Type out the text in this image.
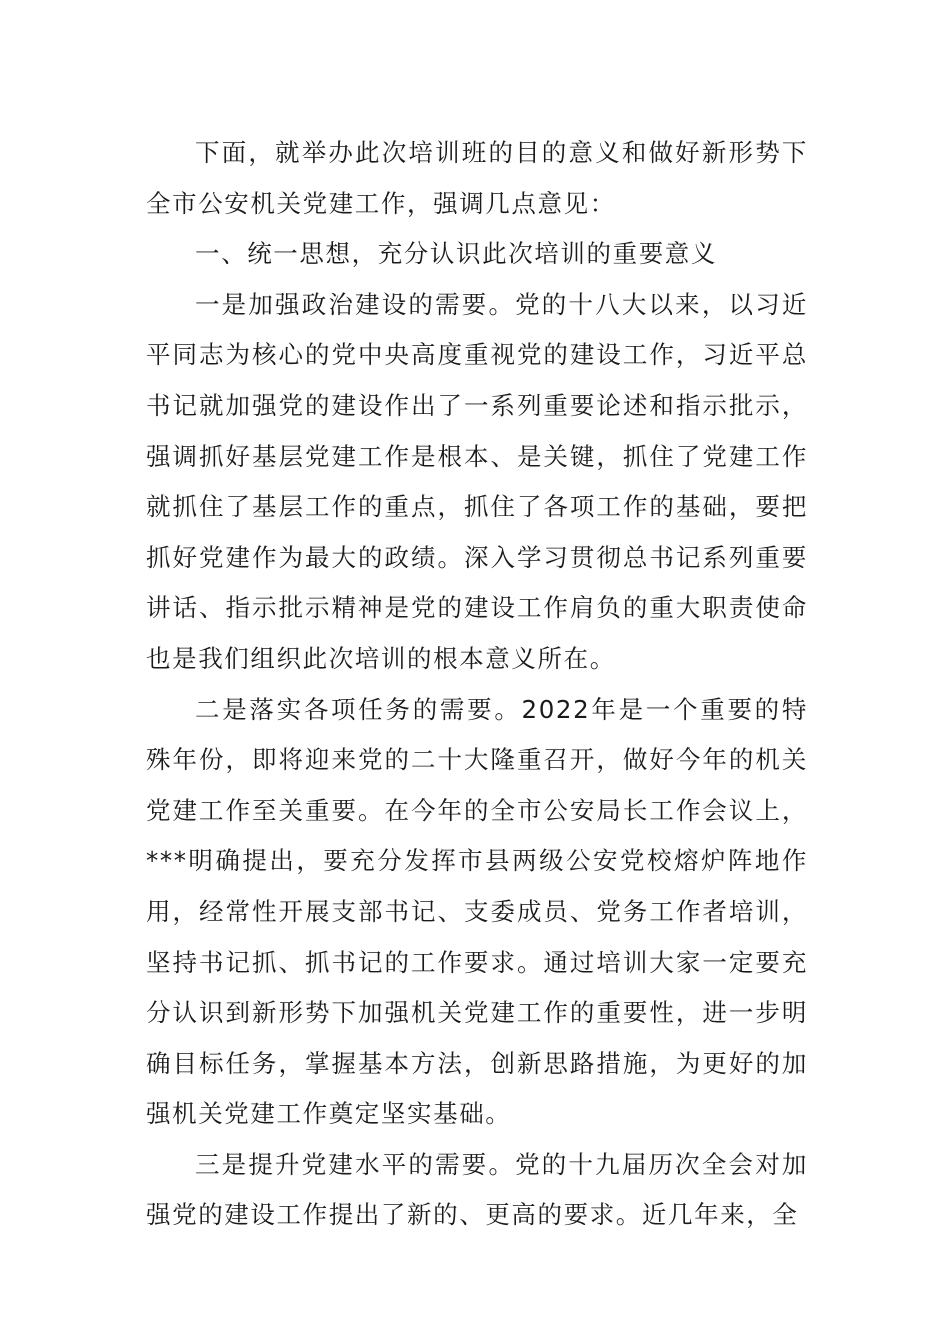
下面，就举办此次培训班的目的意义和做好新形势下全市公安机关党建工作，强调几点意见：

一、统一思想，充分认识此次培训的重要意义

一是加强政治建设的需要。党的十八大以来，以习近平同志为核心的党中央高度重视党的建设工作，习近平总书记就加强党的建设作出了一系列重要论述和指示批示，强调抓好基层党建工作是根本、是关键，抓住了党建工作就抓住了基层工作的重点，抓住了各项工作的基础，要把抓好党建作为最大的政绩。深入学习贯彻总书记系列重要讲话、指示批示精神是党的建设工作肩负的重大职责使命也是我们组织此次培训的根本意义所在。

二是落实各项任务的需要。2022年是一个重要的特殊年份，即将迎来党的二十大隆重召开，做好今年的机关党建工作至关重要。在今年的全市公安局长工作会议上，***明确提出，要充分发挥市县两级公安党校熔炉阵地作用，经常性开展支部书记、支委成员、党务工作者培训，坚持书记抓、抓书记的工作要求。通过培训大家一定要充分认识到新形势下加强机关党建工作的重要性，进一步明确目标任务，掌握基本方法，创新思路措施，为更好的加强机关党建工作奠定坚实基础。

三是提升党建水平的需要。党的十九届历次全会对加强党的建设工作提出了新的、更高的要求。近几年来，全
